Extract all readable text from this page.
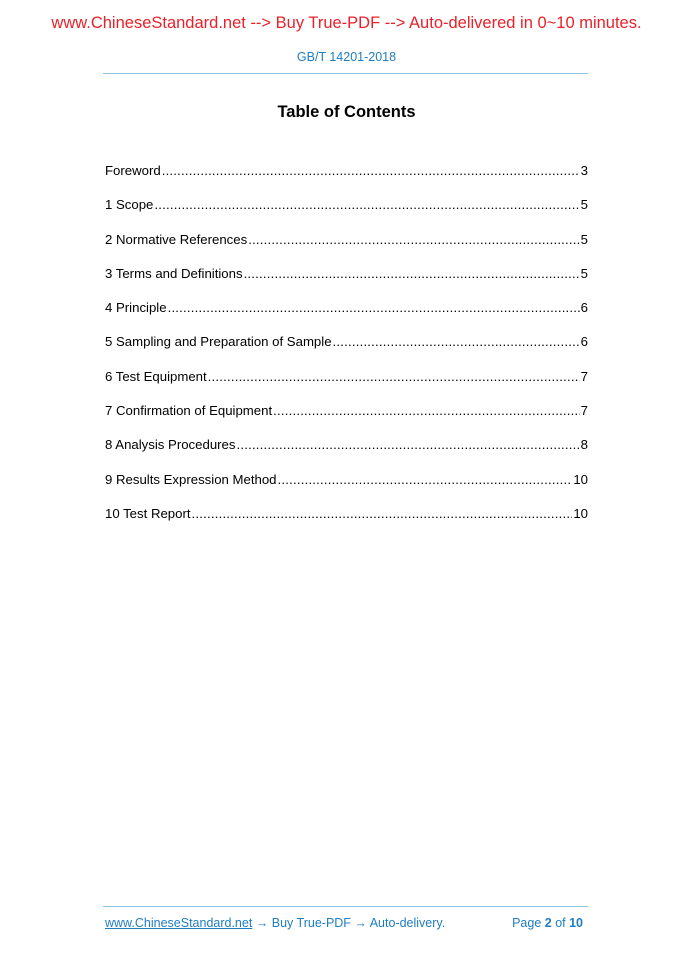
www.ChineseStandard.net --> Buy True-PDF --> Auto-delivered in 0~10 minutes.
GB/T 14201-2018
Table of Contents
Foreword .....	3
1 Scope .....	5
2 Normative References .....	5
3 Terms and Definitions .....	5
4 Principle .....	6
5 Sampling and Preparation of Sample .....	6
6 Test Equipment .....	7
7 Confirmation of Equipment .....	7
8 Analysis Procedures .....	8
9 Results Expression Method .....	10
10 Test Report .....	10
www.ChineseStandard.net → Buy True-PDF → Auto-delivery.	Page 2 of 10
